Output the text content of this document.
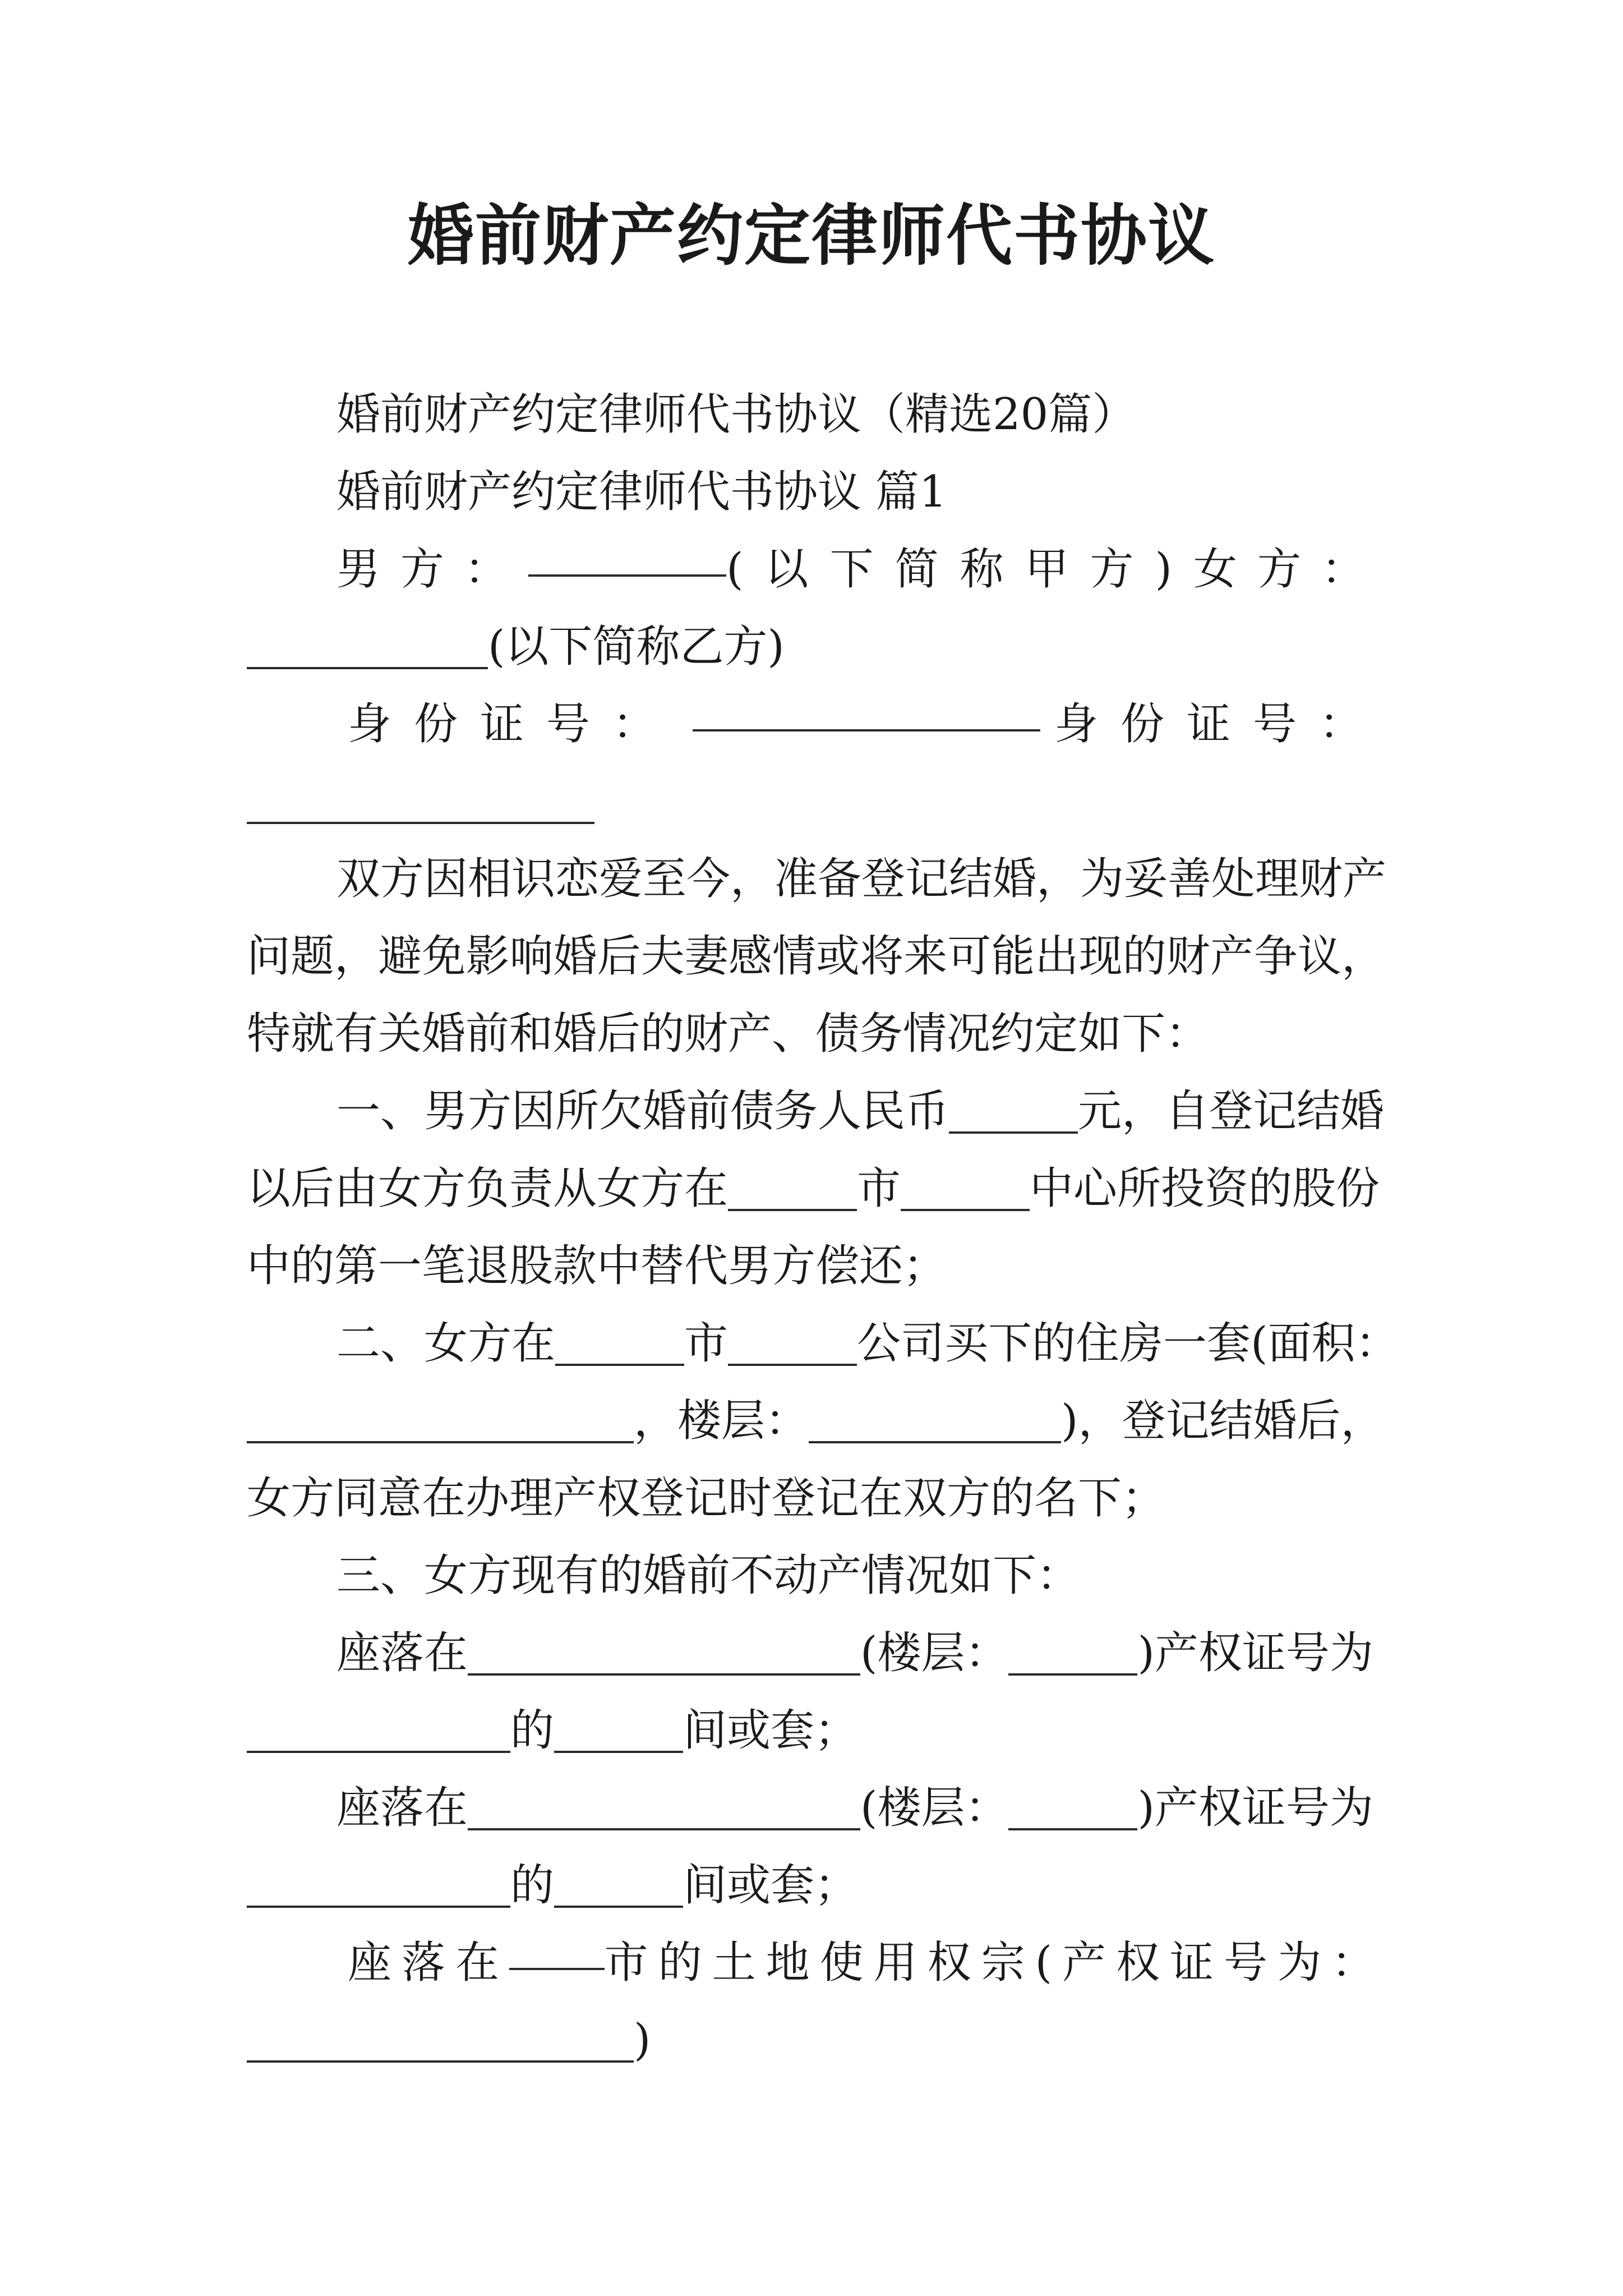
婚前财产约定律师代书协议
婚前财产约定律师代书协议（精选20篇）
婚前财产约定律师代书协议 篇1
男方：	(以下简称甲方) 女方：
(以下简称乙方)
身份证号：	身份证号：
双方因相识恋爱至今，准备登记结婚，为妥善处理财产
问题，避免影响婚后夫妻感情或将来可能出现的财产争议，
特就有关婚前和婚后的财产、债务情况约定如下：
一、男方因所欠婚前债务人民币	元，自登记结婚
以后由女方负责从女方在	市	中心所投资的股份
中的第一笔退股款中替代男方偿还；
二、女方在	市	公司买下的住房一套(面积：
，楼层：	)，登记结婚后，
女方同意在办理产权登记时登记在双方的名下；
三、女方现有的婚前不动产情况如下：
座落在	(楼层：	)产权证号为
的	间或套；
座落在	(楼层：	)产权证号为
的	间或套；
座落在 市的土地使用权宗(产权证号为：
)
